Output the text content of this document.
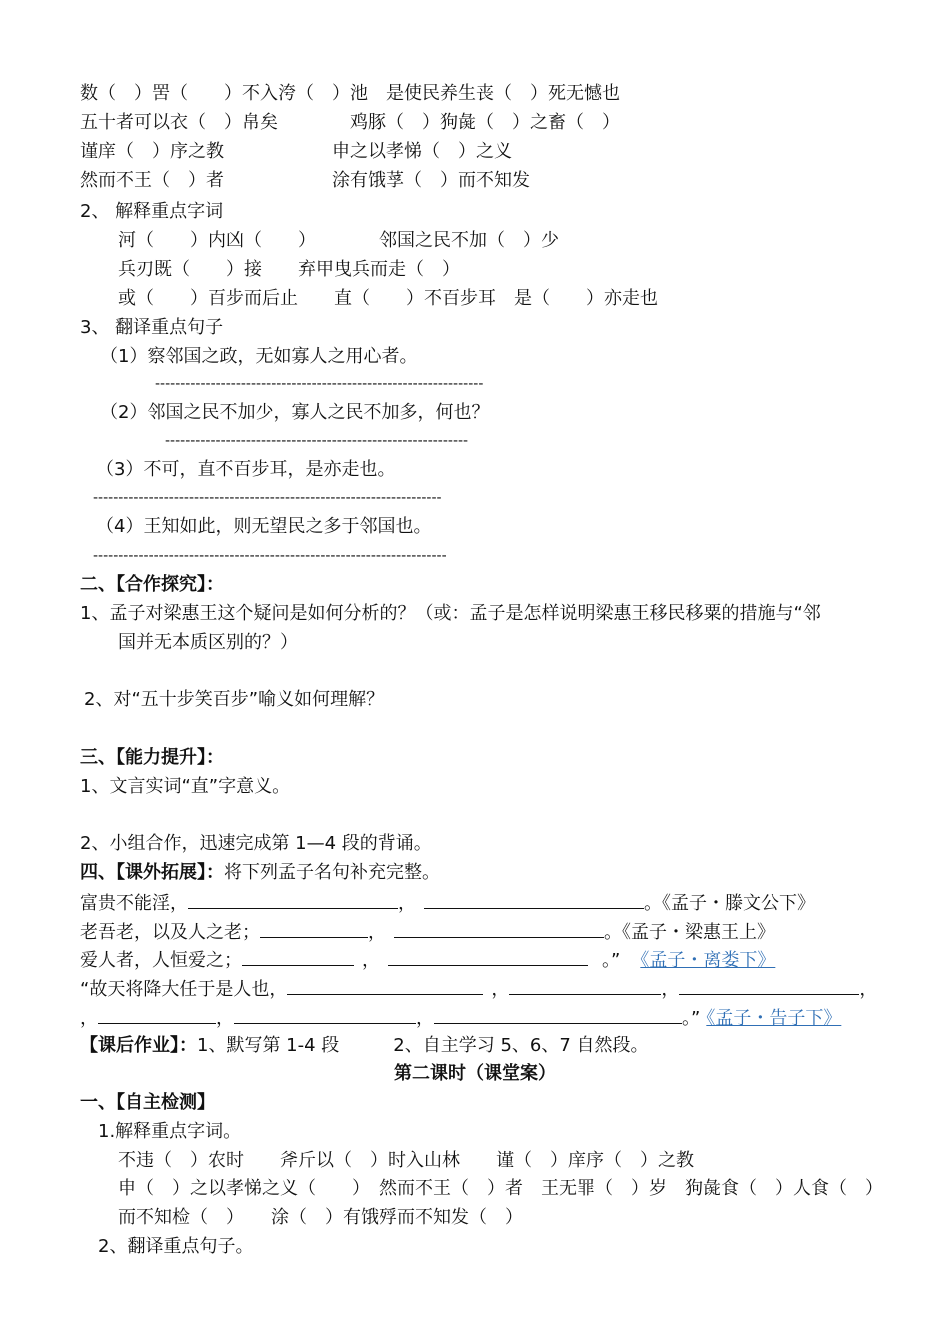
数（　）罟（　　）不入洿（　）池　是使民养生丧（　）死无憾也
五十者可以衣（　）帛矣　　　　鸡豚（　）狗彘（　）之畜（　）
谨庠（　）序之教　　　　　　申之以孝悌（　）之义
然而不王（　）者　　　　　　涂有饿莩（　）而不知发
2、 解释重点字词
河（　　）内凶（　　）　　　　邻国之民不加（　）少
兵刃既（　　）接　　弃甲曳兵而走（　）
或（　　）百步而后止　　直（　　）不百步耳　是（　　）亦走也
3、 翻译重点句子
（1）察邻国之政，无如寡人之用心者。
-----------------------------------------------------------------
（2）邻国之民不加少，寡人之民不加多，何也？
------------------------------------------------------------
（3）不可，直不百步耳，是亦走也。
---------------------------------------------------------------------
（4）王知如此，则无望民之多于邻国也。
----------------------------------------------------------------------
二、【合作探究】：
1、孟子对梁惠王这个疑问是如何分析的？（或：孟子是怎样说明梁惠王移民移粟的措施与“邻
国并无本质区别的？）
2、对“五十步笑百步”喻义如何理解？
三、【能力提升】：
1、文言实词“直”字意义。
2、小组合作，迅速完成第 1—4 段的背诵。
四、【课外拓展】：将下列孟子名句补充完整。
富贵不能淫，	，	。《孟子・滕文公下》
老吾老，以及人之老；	，	。《孟子・梁惠王上》
爱人者，人恒爱之；	，	。” 《孟子・离娄下》
“故天将降大任于是人也，	，	，	，
，	，	，	。” 《孟子・告子下》
【课后作业】：1、默写第 1-4 段　　　2、自主学习 5、6、7 自然段。
第二课时（课堂案）
一、【自主检测】
1.解释重点字词。
不违（　）农时　　斧斤以（　）时入山林　　谨（　）庠序（　）之教
申（　）之以孝悌之义（　　）　然而不王（　）者　王无罪（　）岁　狗彘食（　）人食（　）
而不知检（　）　　涂（　）有饿殍而不知发（　）
2、翻译重点句子。
